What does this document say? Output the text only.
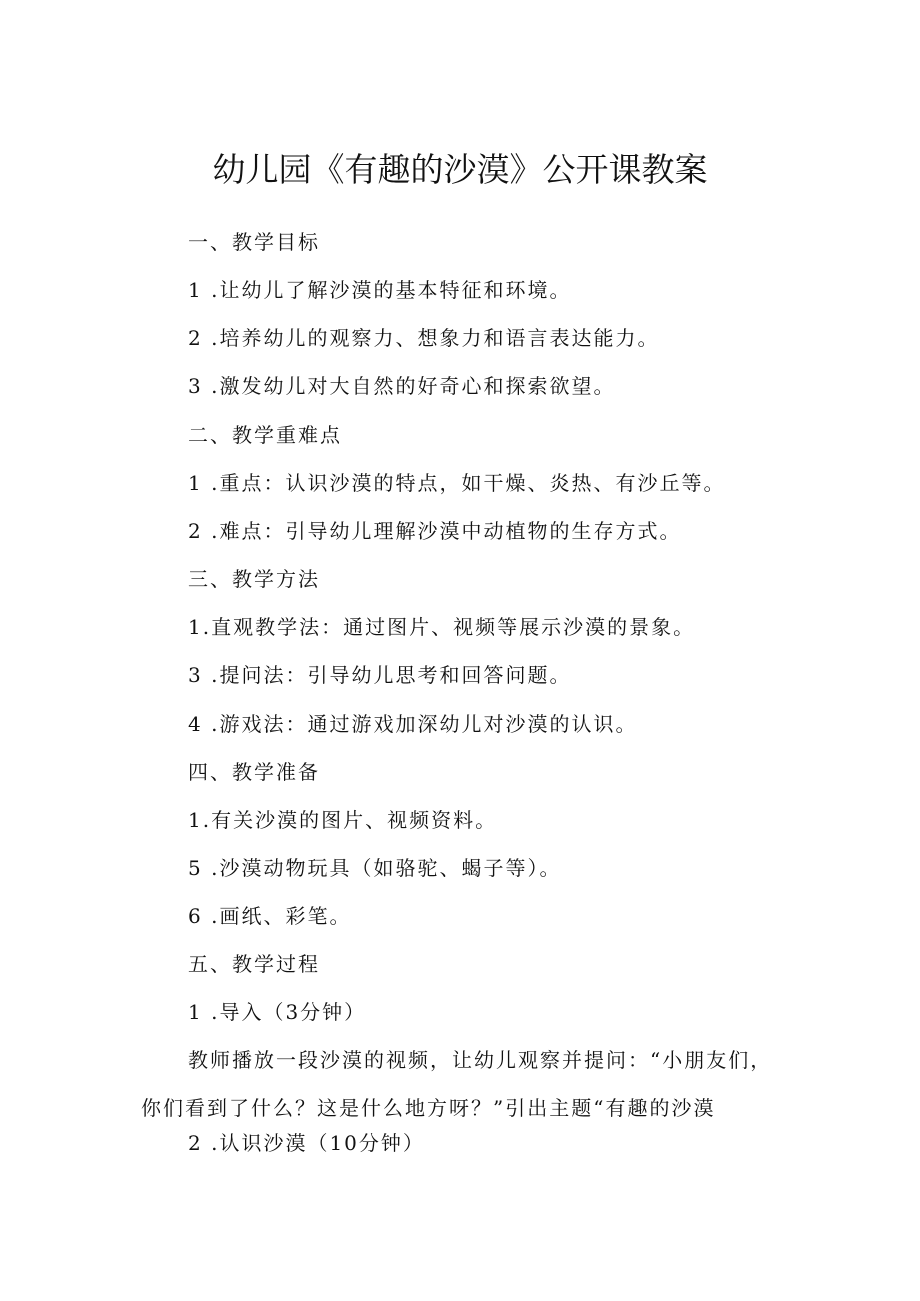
幼儿园《有趣的沙漠》公开课教案
一、教学目标
1 .让幼儿了解沙漠的基本特征和环境。
2 .培养幼儿的观察力、想象力和语言表达能力。
3 .激发幼儿对大自然的好奇心和探索欲望。
二、教学重难点
1 .重点：认识沙漠的特点，如干燥、炎热、有沙丘等。
2 .难点：引导幼儿理解沙漠中动植物的生存方式。
三、教学方法
1.直观教学法：通过图片、视频等展示沙漠的景象。
3 .提问法：引导幼儿思考和回答问题。
4 .游戏法：通过游戏加深幼儿对沙漠的认识。
四、教学准备
1.有关沙漠的图片、视频资料。
5 .沙漠动物玩具（如骆驼、蝎子等）。
6 .画纸、彩笔。
五、教学过程
1 .导入（3分钟）
教师播放一段沙漠的视频，让幼儿观察并提问：“小朋友们，
你们看到了什么？这是什么地方呀？”引出主题“有趣的沙漠
2 .认识沙漠（10分钟）
